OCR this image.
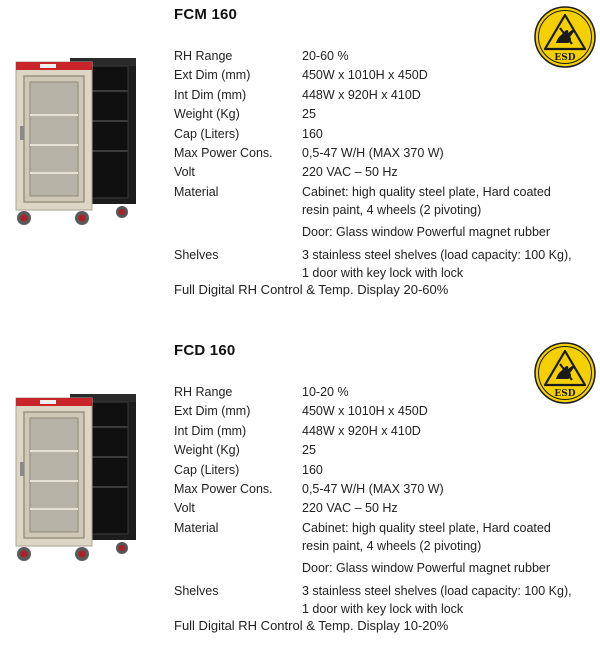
FCM 160
RH Range	20-60 %
Ext Dim (mm)	450W x 1010H x 450D
Int Dim (mm)	448W x 920H x 410D
Weight (Kg)	25
Cap (Liters)	160
Max Power Cons.	0,5-47 W/H (MAX 370 W)
Volt	220 VAC – 50 Hz
Material	Cabinet: high quality steel plate, Hard coated
resin paint, 4 wheels (2 pivoting)
Door: Glass window Powerful magnet rubber
Shelves	3 stainless steel shelves (load capacity: 100 Kg),
1 door with key lock with lock
Full Digital RH Control & Temp. Display 20-60%
ESD
FCD 160
RH Range	10-20 %
Ext Dim (mm)	450W x 1010H x 450D
Int Dim (mm)	448W x 920H x 410D
Weight (Kg)	25
Cap (Liters)	160
Max Power Cons.	0,5-47 W/H (MAX 370 W)
Volt	220 VAC – 50 Hz
Material	Cabinet: high quality steel plate, Hard coated
resin paint, 4 wheels (2 pivoting)
Door: Glass window Powerful magnet rubber
Shelves	3 stainless steel shelves (load capacity: 100 Kg),
1 door with key lock with lock
Full Digital RH Control & Temp. Display 10-20%
ESD
